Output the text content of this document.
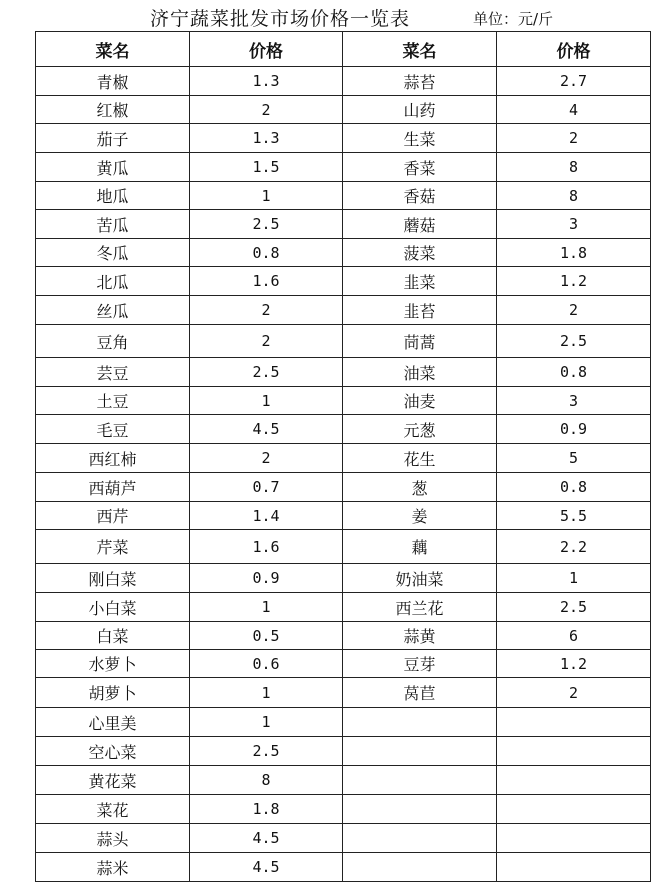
济宁蔬菜批发市场价格一览表	单位：元/斤
菜名	价格	菜名	价格
青椒	1.3	蒜苔	2.7
红椒	2	山药	4
茄子	1.3	生菜	2
黄瓜	1.5	香菜	8
地瓜	1	香菇	8
苦瓜	2.5	蘑菇	3
冬瓜	0.8	菠菜	1.8
北瓜	1.6	韭菜	1.2
丝瓜	2	韭苔	2
豆角	2	茼蒿	2.5
芸豆	2.5	油菜	0.8
土豆	1	油麦	3
毛豆	4.5	元葱	0.9
西红柿	2	花生	5
西葫芦	0.7	葱	0.8
西芹	1.4	姜	5.5
芹菜	1.6	藕	2.2
刚白菜	0.9	奶油菜	1
小白菜	1	西兰花	2.5
白菜	0.5	蒜黄	6
水萝卜	0.6	豆芽	1.2
胡萝卜	1	莴苣	2
心里美	1		
空心菜	2.5		
黄花菜	8		
菜花	1.8		
蒜头	4.5		
蒜米	4.5		
